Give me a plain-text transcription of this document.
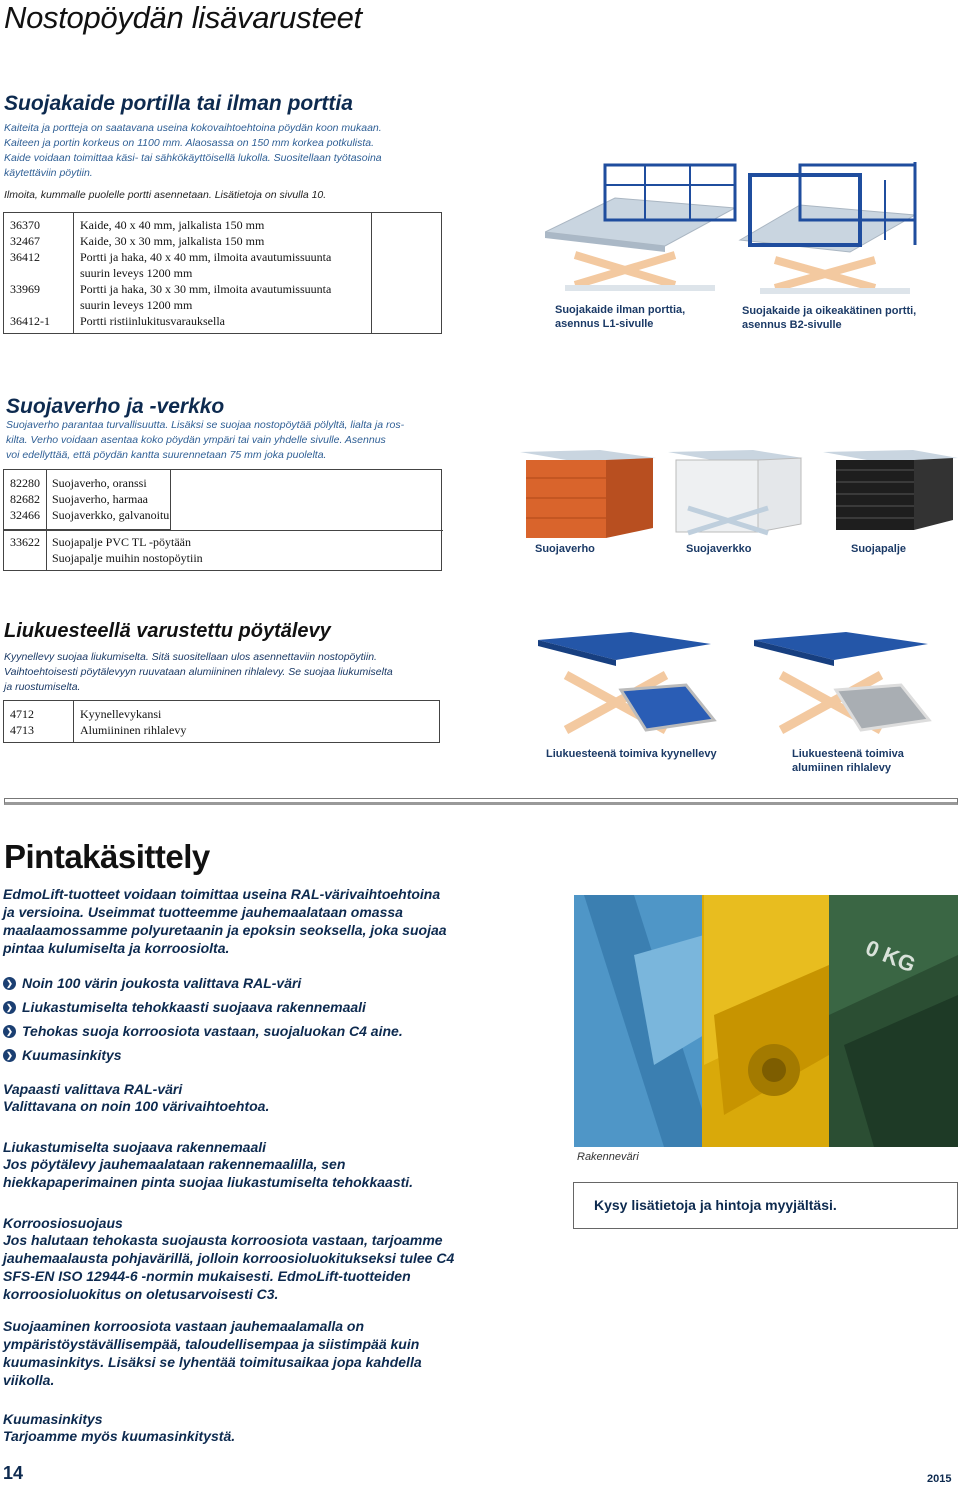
Nostopöydän lisävarusteet
Suojakaide portilla tai ilman porttia
Kaiteita ja portteja on saatavana useina kokovaihtoehtoina pöydän koon mukaan.
Kaiteen ja portin korkeus on 1100 mm. Alaosassa on 150 mm korkea potkulista.
Kaide voidaan toimittaa käsi- tai sähkökäyttöisellä lukolla. Suositellaan työtasoina
käytettäviin pöytiin.
Ilmoita, kummalle puolelle portti asennetaan. Lisätietoja on sivulla 10.
36370	Kaide, 40 x 40 mm, jalkalista 150 mm
32467	Kaide, 30 x 30 mm, jalkalista 150 mm
36412	Portti ja haka, 40 x 40 mm, ilmoita avautumissuunta
	suurin leveys 1200 mm
33969	Portti ja haka, 30 x 30 mm, ilmoita avautumissuunta
	suurin leveys 1200 mm
36412-1	Portti ristiinlukitusvarauksella
Suojakaide ilman porttia,
asennus L1-sivulle
Suojakaide ja oikeakätinen portti,
asennus B2-sivulle
Suojaverho ja -verkko
Suojaverho parantaa turvallisuutta. Lisäksi se suojaa nostopöytää pölyltä, lialta ja ros-
kilta. Verho voidaan asentaa koko pöydän ympäri tai vain yhdelle sivulle. Asennus
voi edellyttää, että pöydän kantta suurennetaan 75 mm joka puolelta.
82280	Suojaverho, oranssi
82682	Suojaverho, harmaa
32466	Suojaverkko, galvanoitu
33622	Suojapalje PVC TL -pöytään
	Suojapalje muihin nostopöytiin
Suojaverho	Suojaverkko	Suojapalje
Liukuesteellä varustettu pöytälevy
Kyynellevy suojaa liukumiselta. Sitä suositellaan ulos asennettaviin nostopöytiin.
Vaihtoehtoisesti pöytälevyyn ruuvataan alumiininen rihlalevy. Se suojaa liukumiselta
ja ruostumiselta.
4712	Kyynellevykansi
4713	Alumiininen rihlalevy
Liukuesteenä toimiva kyynellevy	Liukuesteenä toimiva
alumiinen rihlalevy
Pintakäsittely
EdmoLift-tuotteet voidaan toimittaa useina RAL-värivaihtoehtoina
ja versioina. Useimmat tuotteemme jauhemaalataan omassa
maalaamossamme polyuretaanin ja epoksin seoksella, joka suojaa
pintaa kulumiselta ja korroosiolta.
❯ Noin 100 värin joukosta valittava RAL-väri
❯ Liukastumiselta tehokkaasti suojaava rakennemaali
❯ Tehokas suoja korroosiota vastaan, suojaluokan C4 aine.
❯ Kuumasinkitys
Vapaasti valittava RAL-väri
Valittavana on noin 100 värivaihtoehtoa.
Liukastumiselta suojaava rakennemaali
Jos pöytälevy jauhemaalataan rakennemaalilla, sen
hiekkapaperimainen pinta suojaa liukastumiselta tehokkaasti.
Korroosiosuojaus
Jos halutaan tehokasta suojausta korroosiota vastaan, tarjoamme
jauhemaalausta pohjavärillä, jolloin korroosioluokitukseksi tulee C4
SFS-EN ISO 12944-6 -normin mukaisesti. EdmoLift-tuotteiden
korroosioluokitus on oletusarvoisesti C3.
Suojaaminen korroosiota vastaan jauhemaalamalla on
ympäristöystävällisempää, taloudellisempaa ja siistimpää kuin
kuumasinkitys. Lisäksi se lyhentää toimitusaikaa jopa kahdella
viikolla.
Kuumasinkitys
Tarjoamme myös kuumasinkitystä.
0 KG
Rakenneväri
Kysy lisätietoja ja hintoja myyjältäsi.
14	2015
